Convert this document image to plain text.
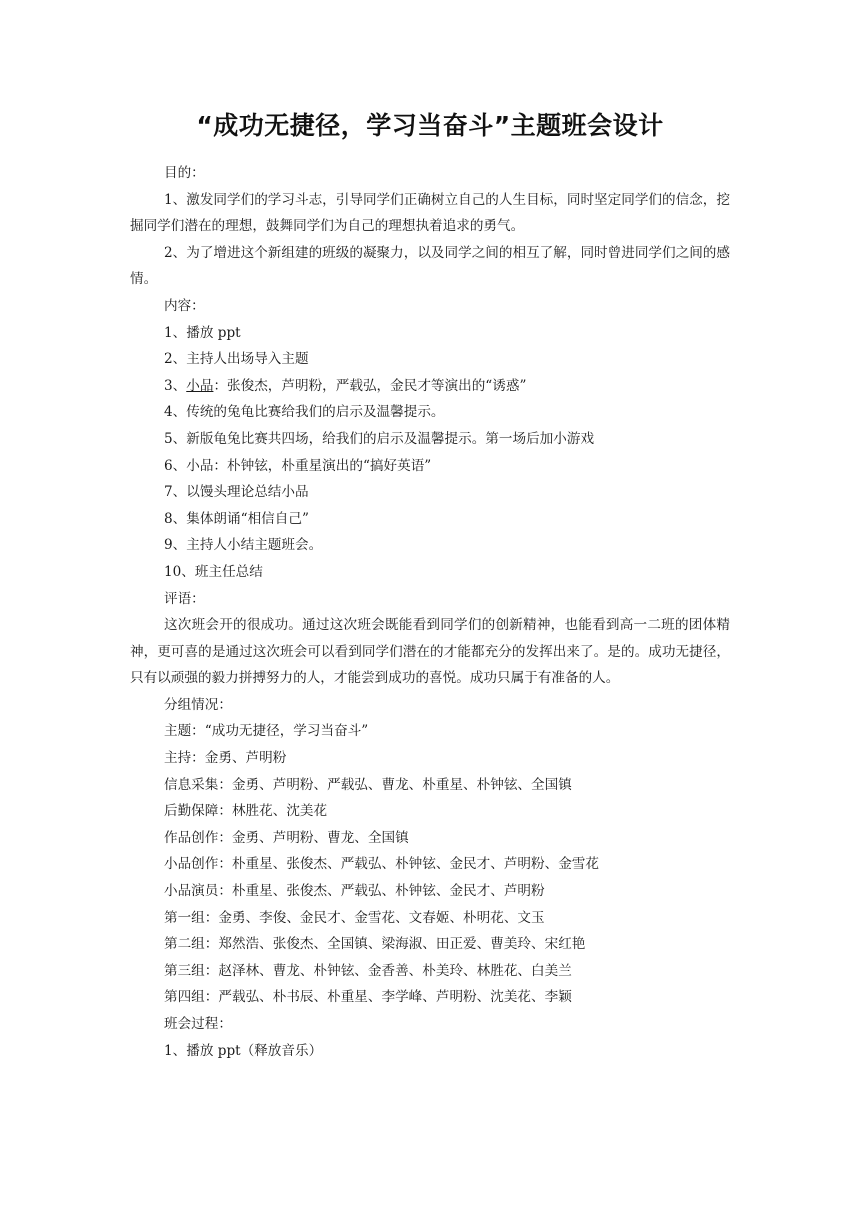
“成功无捷径，学习当奋斗”主题班会设计

目的：

1、激发同学们的学习斗志，引导同学们正确树立自己的人生目标，同时坚定同学们的信念，挖掘同学们潜在的理想，鼓舞同学们为自己的理想执着追求的勇气。

2、为了增进这个新组建的班级的凝聚力，以及同学之间的相互了解，同时曾进同学们之间的感情。

内容：

1、播放 ppt

2、主持人出场导入主题

3、小品：张俊杰，芦明粉，严载弘，金民才等演出的“诱惑”

4、传统的兔龟比赛给我们的启示及温馨提示。

5、新版龟兔比赛共四场，给我们的启示及温馨提示。第一场后加小游戏

6、小品：朴钟铉，朴重星演出的“搞好英语”

7、以馒头理论总结小品

8、集体朗诵“相信自己”

9、主持人小结主题班会。

10、班主任总结

评语：

这次班会开的很成功。通过这次班会既能看到同学们的创新精神，也能看到高一二班的团体精神，更可喜的是通过这次班会可以看到同学们潜在的才能都充分的发挥出来了。是的。成功无捷径，只有以顽强的毅力拼搏努力的人，才能尝到成功的喜悦。成功只属于有准备的人。

分组情况：

主题：“成功无捷径，学习当奋斗”

主持：金勇、芦明粉

信息采集：金勇、芦明粉、严载弘、曹龙、朴重星、朴钟铉、全国镇

后勤保障：林胜花、沈美花

作品创作：金勇、芦明粉、曹龙、全国镇

小品创作：朴重星、张俊杰、严载弘、朴钟铉、金民才、芦明粉、金雪花

小品演员：朴重星、张俊杰、严载弘、朴钟铉、金民才、芦明粉

第一组：金勇、李俊、金民才、金雪花、文春姬、朴明花、文玉

第二组：郑然浩、张俊杰、全国镇、梁海淑、田正爱、曹美玲、宋红艳

第三组：赵泽林、曹龙、朴钟铉、金香善、朴美玲、林胜花、白美兰

第四组：严载弘、朴书辰、朴重星、李学峰、芦明粉、沈美花、李颖

班会过程：

1、播放 ppt（释放音乐）
